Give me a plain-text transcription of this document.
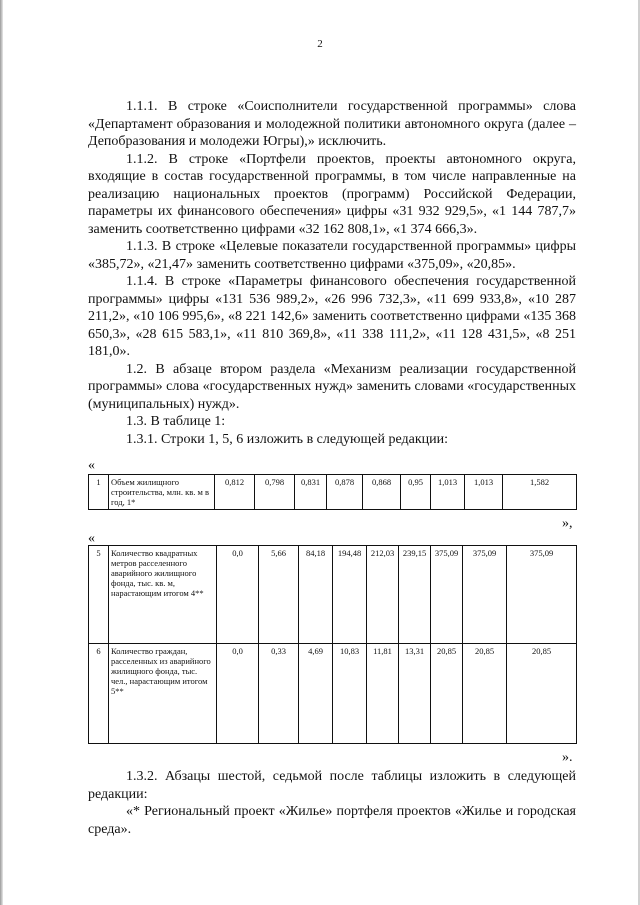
2

1.1.1. В строке «Соисполнители государственной программы» слова «Департамент образования и молодежной политики автономного округа (далее – Депобразования и молодежи Югры),» исключить.

1.1.2. В строке «Портфели проектов, проекты автономного округа, входящие в состав государственной программы, в том числе направленные на реализацию национальных проектов (программ) Российской Федерации, параметры их финансового обеспечения» цифры «31 932 929,5», «1 144 787,7» заменить соответственно цифрами «32 162 808,1», «1 374 666,3».

1.1.3. В строке «Целевые показатели государственной программы» цифры «385,72», «21,47» заменить соответственно цифрами «375,09», «20,85».

1.1.4. В строке «Параметры финансового обеспечения государственной программы» цифры «131 536 989,2», «26 996 732,3», «11 699 933,8», «10 287 211,2», «10 106 995,6», «8 221 142,6» заменить соответственно цифрами «135 368 650,3», «28 615 583,1», «11 810 369,8», «11 338 111,2», «11 128 431,5», «8 251 181,0».

1.2. В абзаце втором раздела «Механизм реализации государственной программы» слова «государственных нужд» заменить словами «государственных (муниципальных) нужд».

1.3. В таблице 1:

1.3.1. Строки 1, 5, 6 изложить в следующей редакции:

«
1	Объем жилищного строительства, млн. кв. м в год, 1*	0,812	0,798	0,831	0,878	0,868	0,95	1,013	1,013	1,582
»,
«
5	Количество квадратных метров расселенного аварийного жилищного фонда, тыс. кв. м, нарастающим итогом 4**	0,0	5,66	84,18	194,48	212,03	239,15	375,09	375,09	375,09
6	Количество граждан, расселенных из аварийного жилищного фонда, тыс. чел., нарастающим итогом 5**	0,0	0,33	4,69	10,83	11,81	13,31	20,85	20,85	20,85
».

1.3.2. Абзацы шестой, седьмой после таблицы изложить в следующей редакции:

«* Региональный проект «Жилье» портфеля проектов «Жилье и городская среда».
